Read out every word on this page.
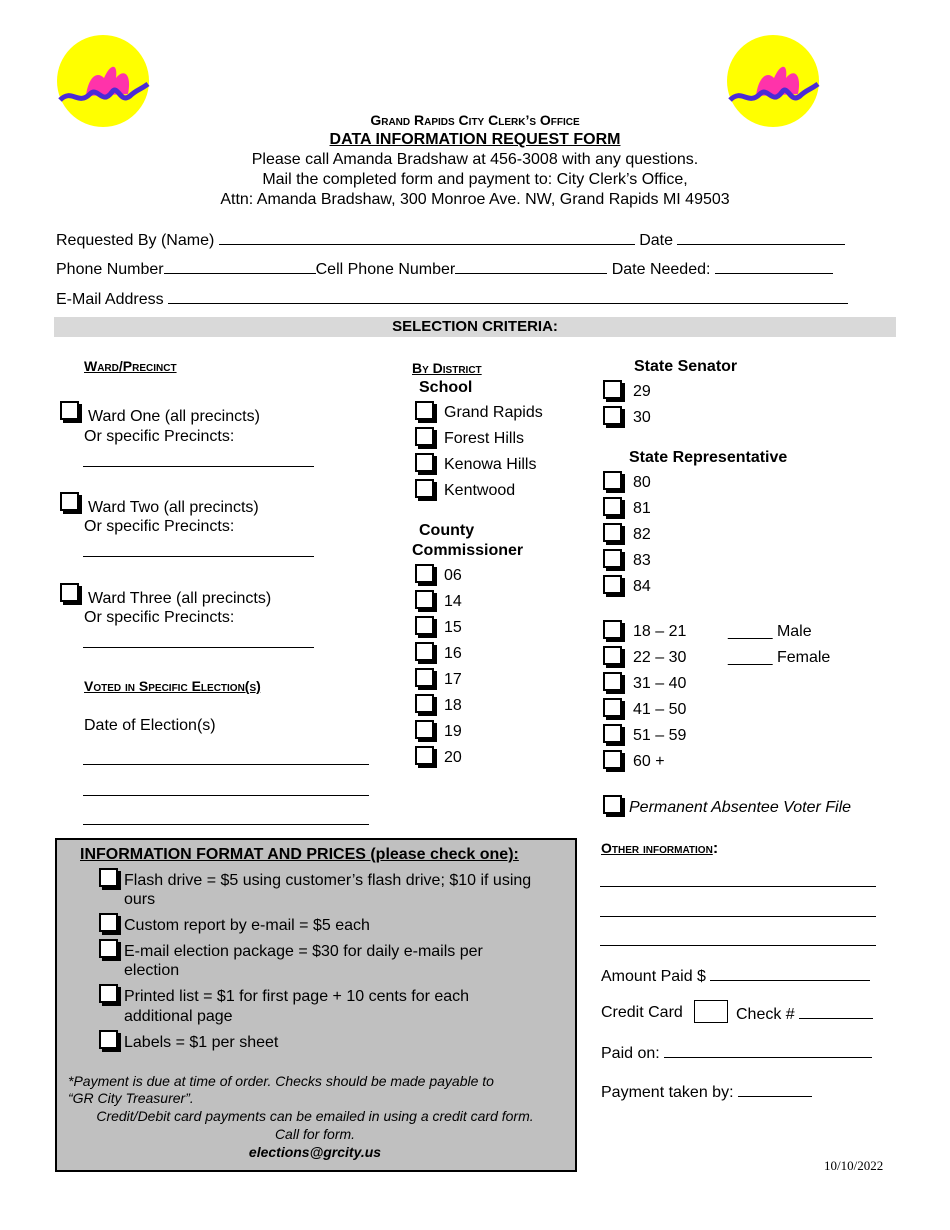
Grand Rapids City Clerk’s Office
DATA INFORMATION REQUEST FORM
Please call Amanda Bradshaw at 456-3008 with any questions.
Mail the completed form and payment to: City Clerk’s Office,
Attn: Amanda Bradshaw, 300 Monroe Ave. NW, Grand Rapids MI 49503
Requested By (Name)	Date
Phone Number	Cell Phone Number	Date Needed:
E-Mail Address
SELECTION CRITERIA:
Ward/Precinct
Ward One (all precincts)
Or specific Precincts:
Ward Two (all precincts)
Or specific Precincts:
Ward Three (all precincts)
Or specific Precincts:
Voted in Specific Election(s)
Date of Election(s)
By District
School
Grand Rapids
Forest Hills
Kenowa Hills
Kentwood
County
Commissioner
06
14
15
16
17
18
19
20
State Senator
29
30
State Representative
80
81
82
83
84
18 – 21
22 – 30
31 – 40
41 – 50
51 – 59
60 +
_____ Male
_____ Female
Permanent Absentee Voter File
INFORMATION FORMAT AND PRICES (please check one):
Flash drive = $5 using customer’s flash drive; $10 if using
ours
Custom report by e-mail = $5 each
E-mail election package = $30 for daily e-mails per
election
Printed list = $1 for first page + 10 cents for each
additional page
Labels = $1 per sheet
*Payment is due at time of order. Checks should be made payable to
“GR City Treasurer”.
Credit/Debit card payments can be emailed in using a credit card form.
Call for form.
elections@grcity.us
Other information:
Amount Paid $
Credit Card	Check #
Paid on:
Payment taken by:
10/10/2022
